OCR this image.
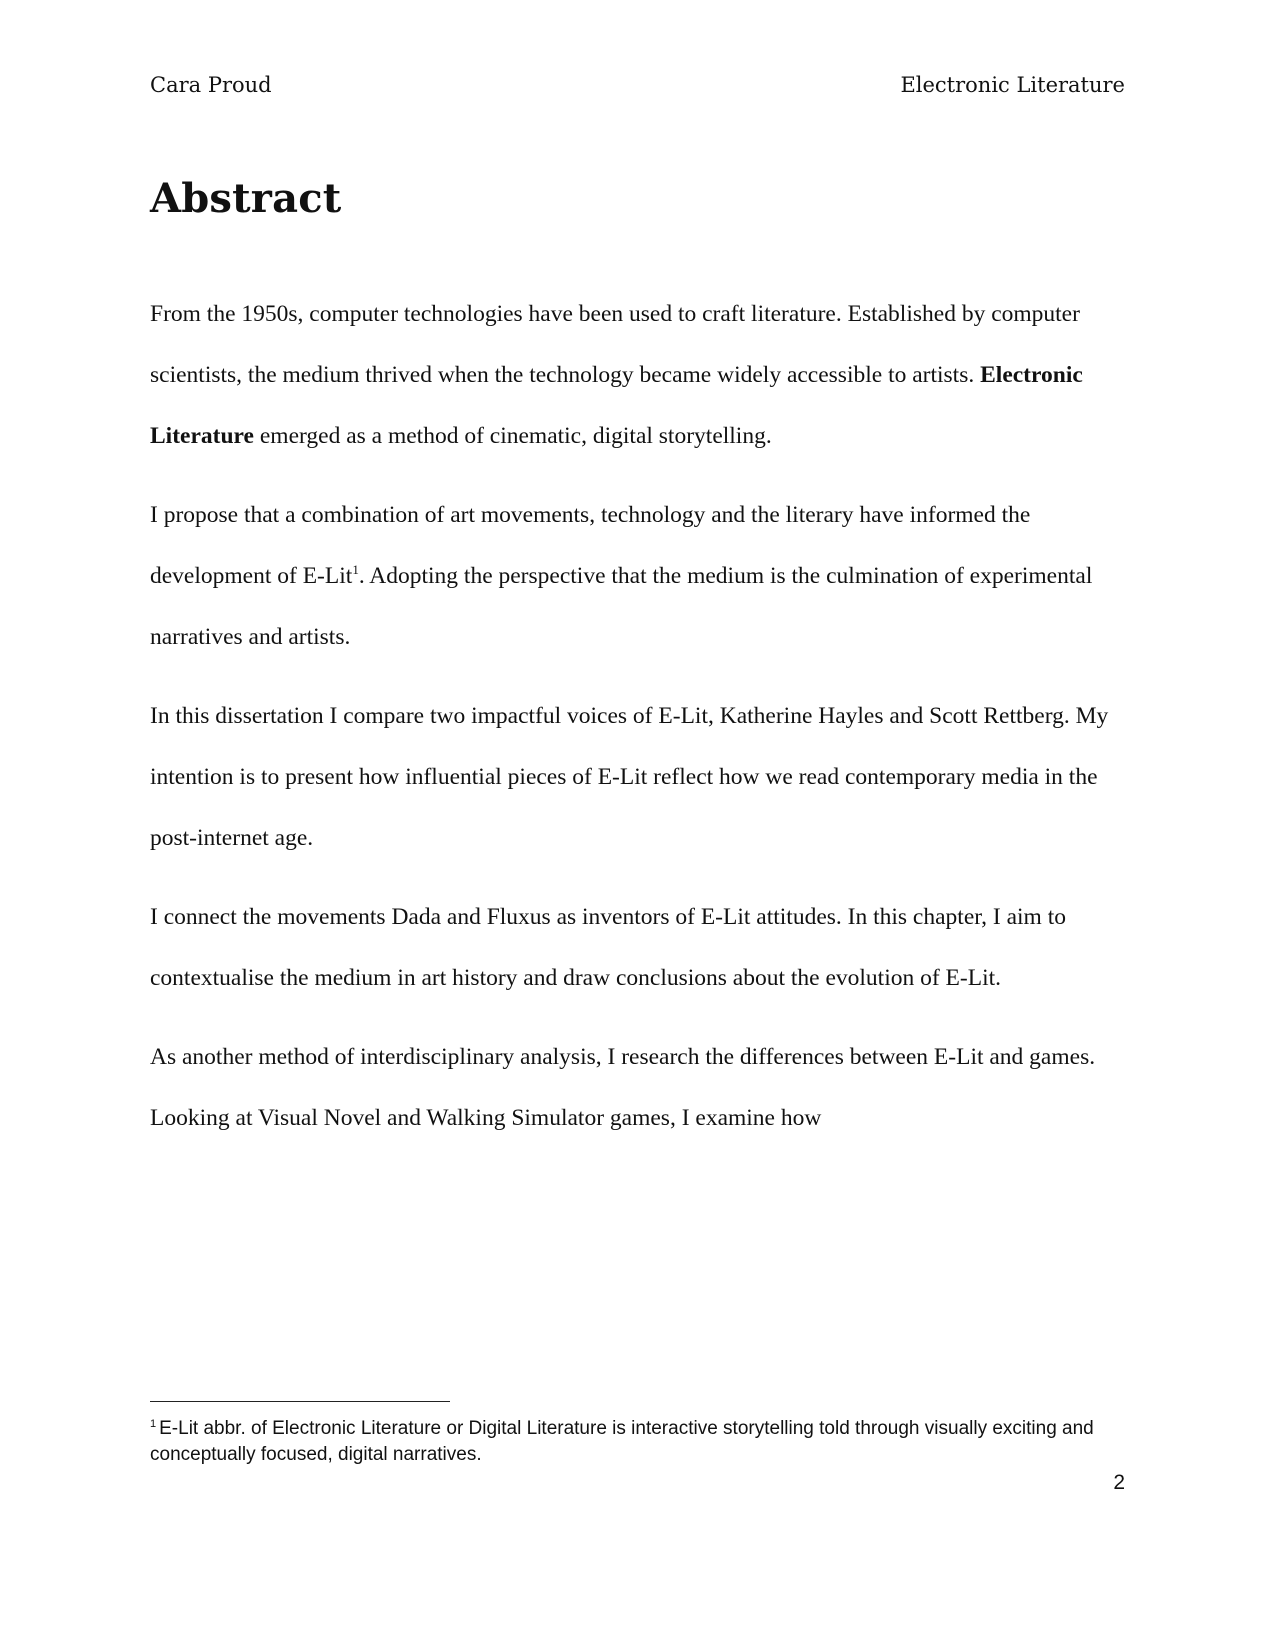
Cara Proud	Electronic Literature
Abstract

From the 1950s, computer technologies have been used to craft literature. Established by computer scientists, the medium thrived when the technology became widely accessible to artists. Electronic Literature emerged as a method of cinematic, digital storytelling.

I propose that a combination of art movements, technology and the literary have informed the development of E-Lit$^1$. Adopting the perspective that the medium is the culmination of experimental narratives and artists.

In this dissertation I compare two impactful voices of E-Lit, Katherine Hayles and Scott Rettberg. My intention is to present how influential pieces of E-Lit reflect how we read contemporary media in the post-internet age.

I connect the movements Dada and Fluxus as inventors of E-Lit attitudes. In this chapter, I aim to contextualise the medium in art history and draw conclusions about the evolution of E-Lit.

As another method of interdisciplinary analysis, I research the differences between E-Lit and games. Looking at Visual Novel and Walking Simulator games, I examine how

$^1$ E-Lit abbr. of Electronic Literature or Digital Literature is interactive storytelling told through visually exciting and conceptually focused, digital narratives.
2
